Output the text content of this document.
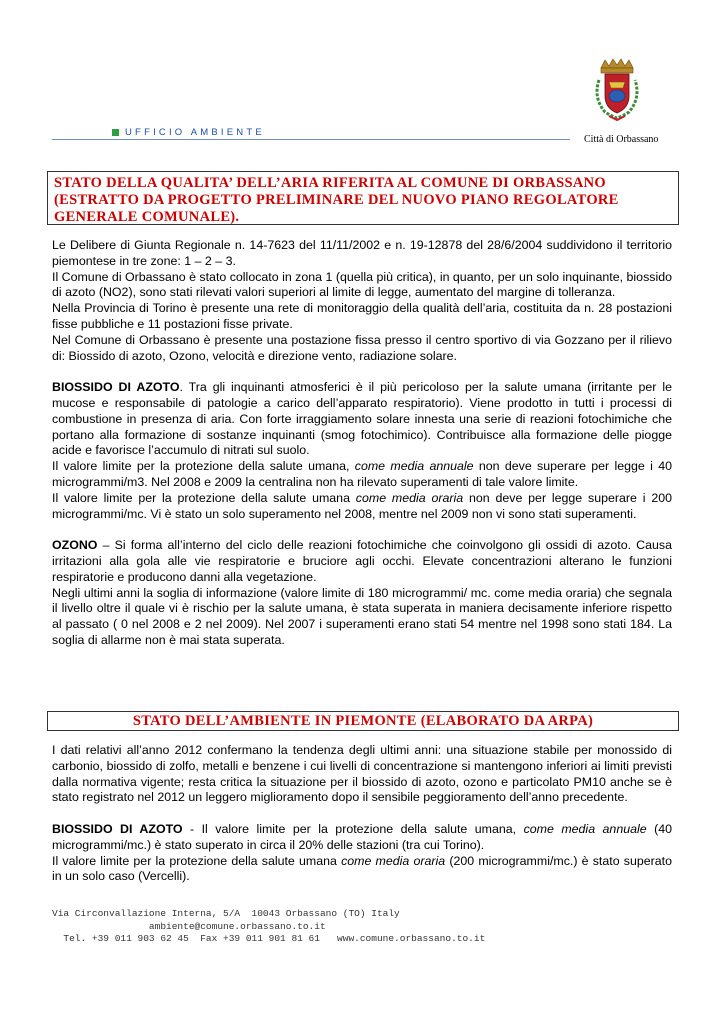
Città di Orbassano
UFFICIO AMBIENTE

STATO DELLA QUALITA’ DELL’ARIA RIFERITA AL COMUNE DI ORBASSANO

(ESTRATTO DA PROGETTO PRELIMINARE DEL NUOVO PIANO REGOLATORE GENERALE COMUNALE).

Le Delibere di Giunta Regionale n. 14-7623 del 11/11/2002 e n. 19-12878 del 28/6/2004 suddividono il territorio piemontese in tre zone: 1 – 2 – 3.

Il Comune di Orbassano è stato collocato in zona 1 (quella più critica), in quanto, per un solo inquinante, biossido di azoto (NO2), sono stati rilevati valori superiori al limite di legge, aumentato del margine di tolleranza.

Nella Provincia di Torino è presente una rete di monitoraggio della qualità dell’aria, costituita da n. 28 postazioni fisse pubbliche e 11 postazioni fisse private.

Nel Comune di Orbassano è presente una postazione fissa presso il centro sportivo di via Gozzano per il rilievo di: Biossido di azoto, Ozono, velocità e direzione vento, radiazione solare.

BIOSSIDO DI AZOTO. Tra gli inquinanti atmosferici è il più pericoloso per la salute umana (irritante per le mucose e responsabile di patologie a carico dell’apparato respiratorio). Viene prodotto in tutti i processi di combustione in presenza di aria. Con forte irraggiamento solare innesta una serie di reazioni fotochimiche che portano alla formazione di sostanze inquinanti (smog fotochimico). Contribuisce alla formazione delle piogge acide e favorisce l’accumulo di nitrati sul suolo.

Il valore limite per la protezione della salute umana, come media annuale non deve superare per legge i 40 microgrammi/m3. Nel 2008 e 2009 la centralina non ha rilevato superamenti di tale valore limite.

Il valore limite per la protezione della salute umana come media oraria non deve per legge superare i 200 microgrammi/mc. Vi è stato un solo superamento nel 2008, mentre nel 2009 non vi sono stati superamenti.

OZONO – Si forma all’interno del ciclo delle reazioni fotochimiche che coinvolgono gli ossidi di azoto. Causa irritazioni alla gola alle vie respiratorie e bruciore agli occhi. Elevate concentrazioni alterano le funzioni respiratorie e producono danni alla vegetazione.

Negli ultimi anni la soglia di informazione (valore limite di 180 microgrammi/ mc. come media oraria) che segnala il livello oltre il quale vi è rischio per la salute umana, è stata superata in maniera decisamente inferiore rispetto al passato ( 0 nel 2008 e 2 nel 2009). Nel 2007 i superamenti erano stati 54 mentre nel 1998 sono stati 184. La soglia di allarme non è mai stata superata.

STATO DELL’AMBIENTE IN PIEMONTE (ELABORATO DA ARPA)

I dati relativi all’anno 2012 confermano la tendenza degli ultimi anni: una situazione stabile per monossido di carbonio, biossido di zolfo, metalli e benzene i cui livelli di concentrazione si mantengono inferiori ai limiti previsti dalla normativa vigente; resta critica la situazione per il biossido di azoto, ozono e particolato PM10 anche se è stato registrato nel 2012 un leggero miglioramento dopo il sensibile peggioramento dell’anno precedente.

BIOSSIDO DI AZOTO - Il valore limite per la protezione della salute umana, come media annuale (40 microgrammi/mc.) è stato superato in circa il 20% delle stazioni (tra cui Torino).

Il valore limite per la protezione della salute umana come media oraria (200 microgrammi/mc.) è stato superato in un solo caso (Vercelli).

Via Circonvallazione Interna, 5/A  10043 Orbassano (TO) Italy
ambiente@comune.orbassano.to.it
Tel. +39 011 903 62 45  Fax +39 011 901 81 61   www.comune.orbassano.to.it
